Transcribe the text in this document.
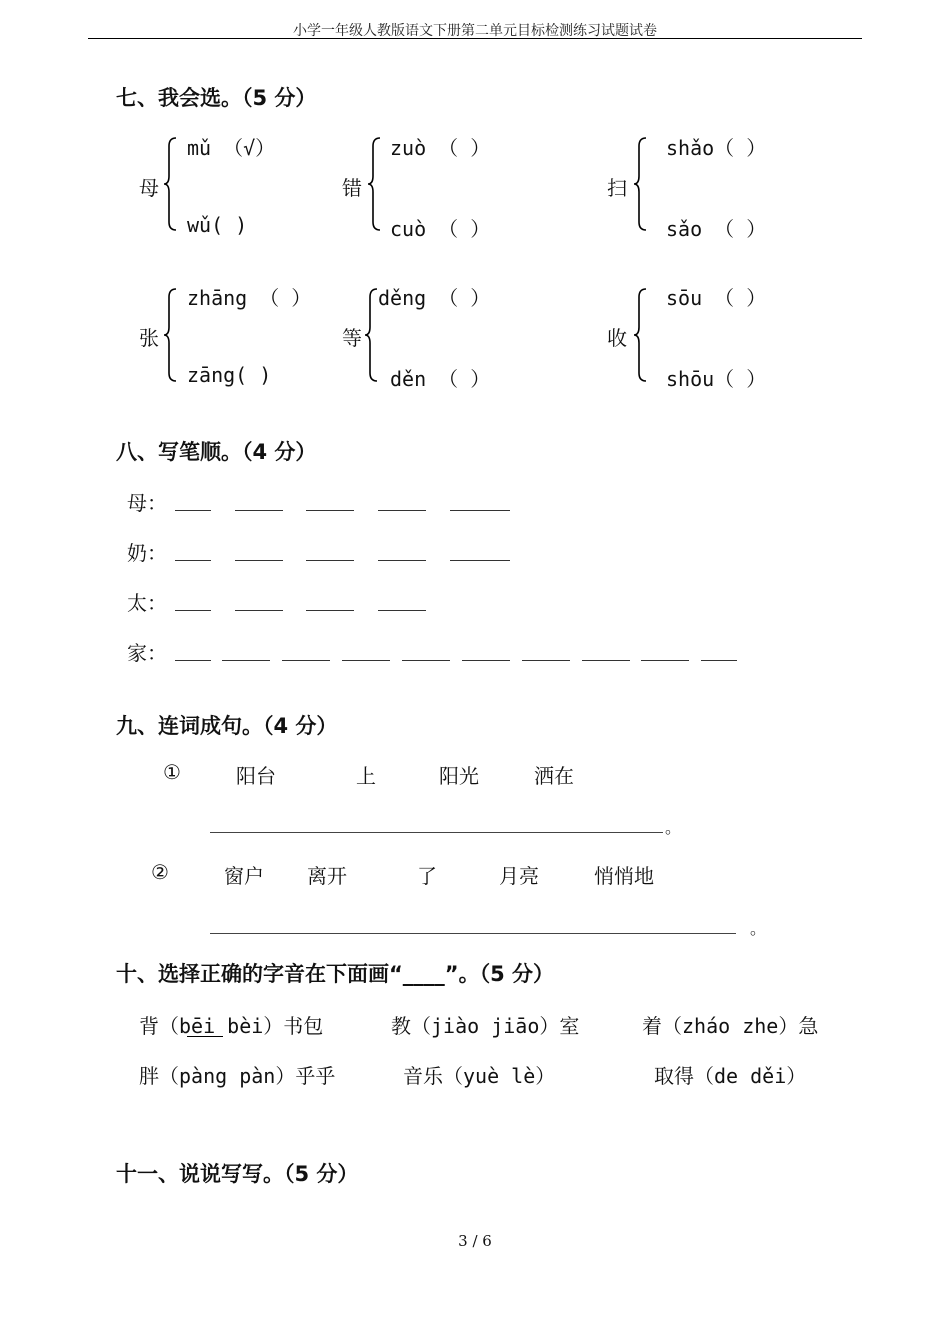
小学一年级人教版语文下册第二单元目标检测练习试题试卷
七、我会选。（5 分）
母
mǔ （√）
wǔ( )
错
zuò （ ）
cuò （ ）
扫
shǎo（ ）
sǎo （ ）
张
zhāng （ ）
zāng( )
等
děng （ ）
děn （ ）
收
sōu （ ）
shōu（ ）
八、写笔顺。（4 分）
母：
奶：
太：
家：
九、连词成句。（4 分）
①	阳台	上	阳光	洒在
。
②	窗户 离开	了	月亮	悄悄地
。
十、选择正确的字音在下面画“____”。（5 分）
背（bēi bèi）书包	教（jiào jiāo）室	着（zháo zhe）急
胖（pàng pàn）乎乎	音乐（yuè lè）	取得（de děi）
十一、说说写写。（5 分）
3 / 6
